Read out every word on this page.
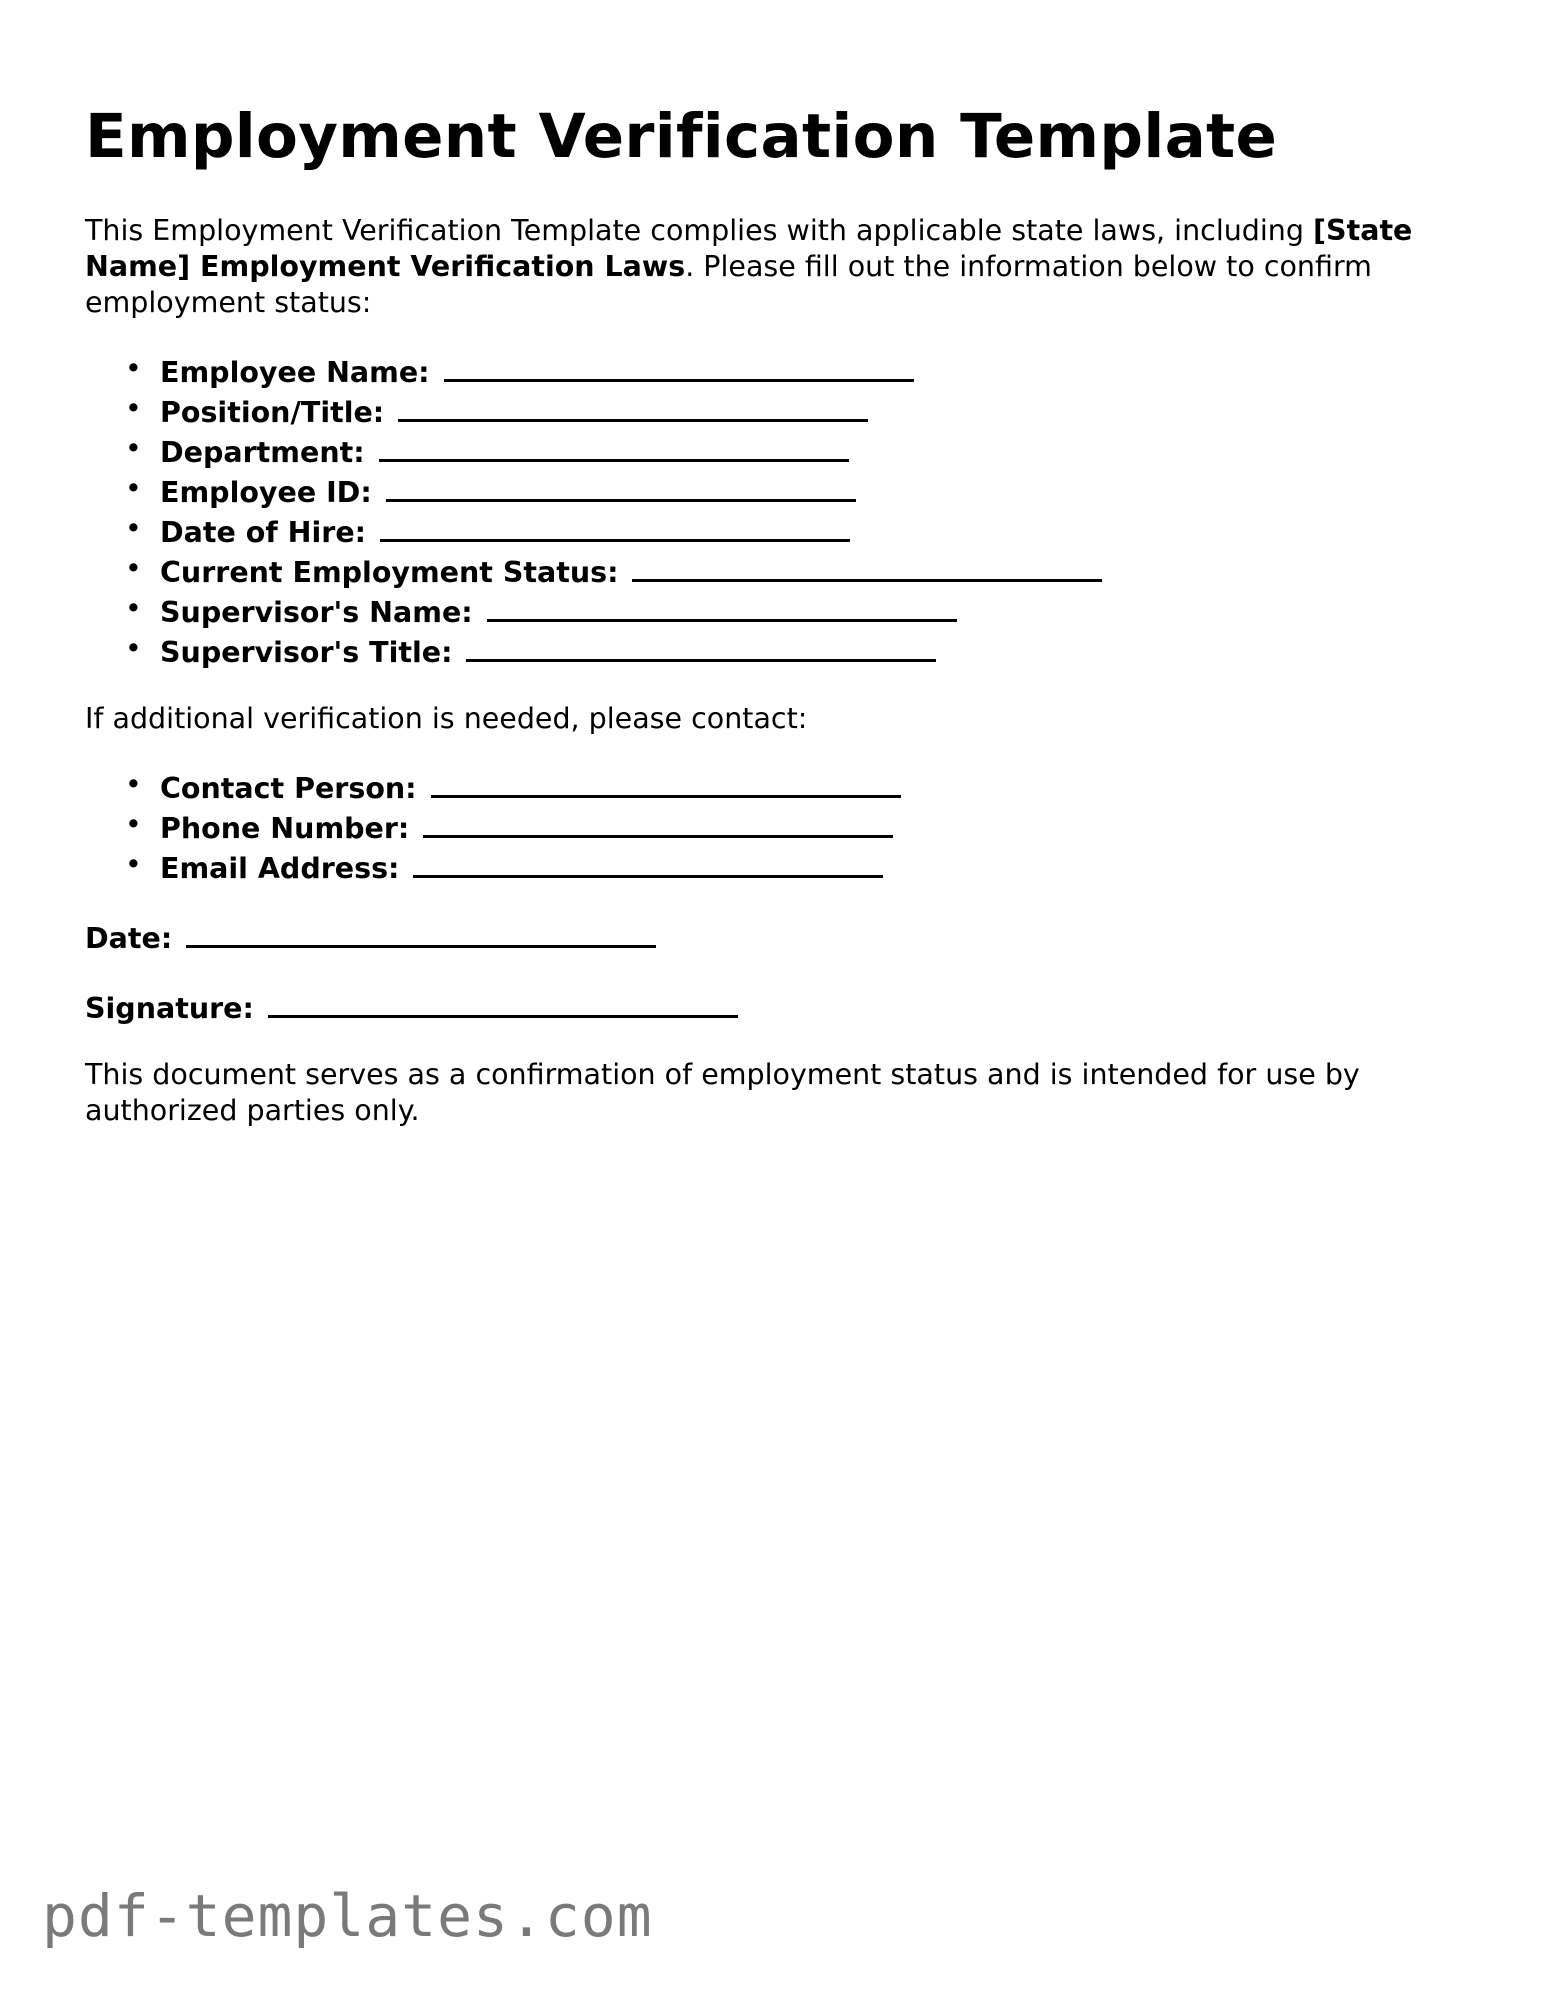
Employment Verification Template

This Employment Verification Template complies with applicable state laws, including [State Name] Employment Verification Laws. Please fill out the information below to confirm employment status:

• Employee Name:
• Position/Title:
• Department:
• Employee ID:
• Date of Hire:
• Current Employment Status:
• Supervisor's Name:
• Supervisor's Title:

If additional verification is needed, please contact:

• Contact Person:
• Phone Number:
• Email Address:
Date:
Signature:

This document serves as a confirmation of employment status and is intended for use by authorized parties only.

pdf-templates.com
